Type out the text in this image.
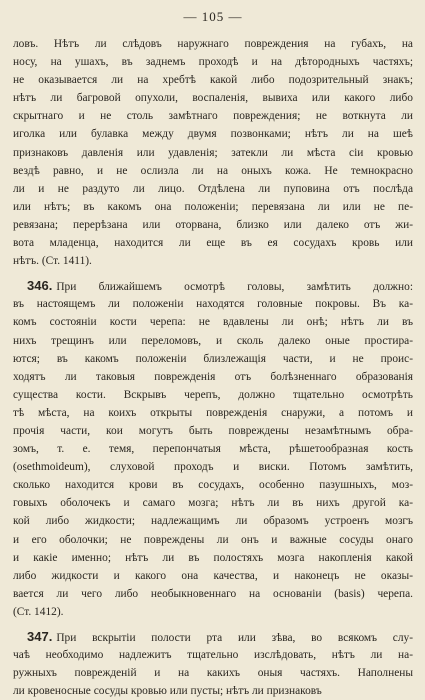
— 105 —
ловъ. Нѣтъ ли слѣдовъ наружнаго повреждения на губахъ, на
носу, на ушахъ, въ заднемъ проходѣ и на дѣтородныхъ частяхъ;
не оказывается ли на хребтѣ какой либо подозрительный знакъ;
нѣтъ ли багровой опухоли, воспаленія, вывиха или какого либо
скрытнаго и не столь замѣтнаго повреждения; не воткнута ли
иголка или булавка между двумя позвонками; нѣтъ ли на шеѣ
признаковъ давленія или удавленія; затекли ли мѣста сіи кровью
вездѣ равно, и не ослизла ли на оныхъ кожа. Не темнокрасно
ли и не раздуто ли лицо. Отдѣлена ли пуповина отъ послѣда
или нѣтъ; въ какомъ она положеніи; перевязана ли или не пе-
ревязана; перерѣзана или оторвана, близко или далеко отъ жи-
вота младенца, находится ли еще въ ея сосудахъ кровь или
нѣтъ. (Ст. 1411).
346. При ближайшемъ осмотрѣ головы, замѣтить должно:
въ настоящемъ ли положеніи находятся головные покровы. Въ ка-
комъ состояніи кости черепа: не вдавлены ли онѣ; нѣтъ ли въ
нихъ трещинъ или переломовъ, и сколь далеко оные простира-
ются; въ какомъ положеніи близлежащія части, и не проис-
ходятъ ли таковыя поврежденія отъ болѣзненнаго образованія
существа кости. Вскрывъ черепъ, должно тщательно осмотрѣть
тѣ мѣста, на коихъ открыты поврежденія снаружи, а потомъ и
прочія части, кои могутъ быть повреждены незамѣтнымъ обра-
зомъ, т. е. темя, перепончатыя мѣста, рѣшетообразная кость
(osethmoideum), слуховой проходъ и виски. Потомъ замѣтить,
сколько находится крови въ сосудахъ, особенно пазушныхъ, моз-
говыхъ оболочекъ и самаго мозга; нѣтъ ли въ нихъ другой ка-
кой либо жидкости; надлежащимъ ли образомъ устроенъ мозгъ
и его оболочки; не повреждены ли онъ и важные сосуды онаго
и какіе именно; нѣтъ ли въ полостяхъ мозга накопленія какой
либо жидкости и какого она качества, и наконецъ не оказы-
вается ли чего либо необыкновеннаго на основаніи (basis) черепа.
(Ст. 1412).
347. При вскрытіи полости рта или зѣва, во всякомъ слу-
чаѣ необходимо надлежитъ тщательно изслѣдовать, нѣтъ ли на-
ружныхъ поврежденій и на какихъ оныя частяхъ. Наполнены
ли кровеносные сосуды кровью или пусты; нѣтъ ли признаковъ
